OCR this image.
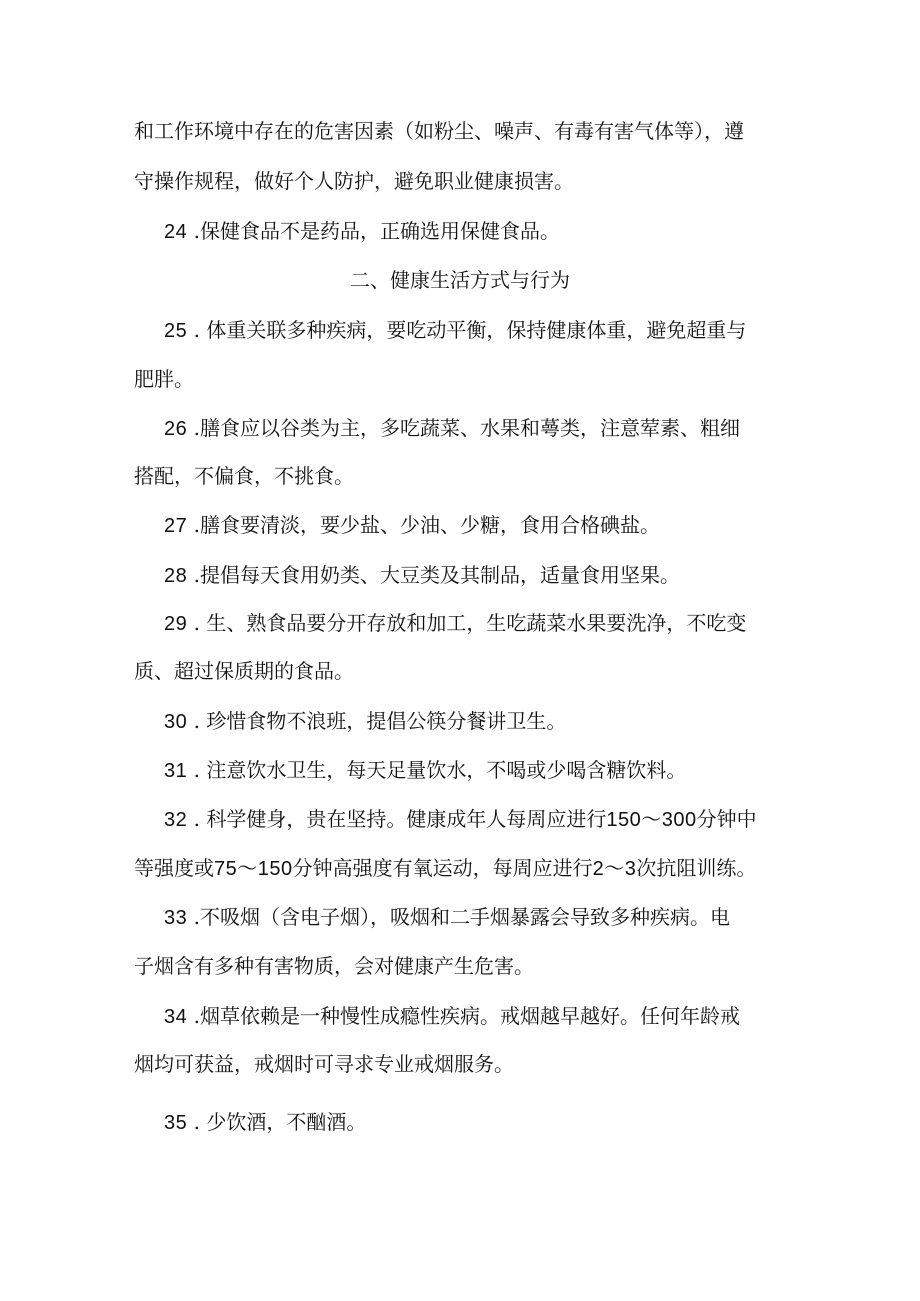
和工作环境中存在的危害因素（如粉尘、噪声、有毒有害气体等），遵
守操作规程，做好个人防护，避免职业健康损害。
24 .保健食品不是药品，正确选用保健食品。
二、健康生活方式与行为
25 . 体重关联多种疾病，要吃动平衡，保持健康体重，避免超重与
肥胖。
26 .膳食应以谷类为主，多吃蔬菜、水果和蕚类，注意荤素、粗细
搭配，不偏食，不挑食。
27 .膳食要清淡，要少盐、少油、少糖，食用合格碘盐。
28 .提倡每天食用奶类、大豆类及其制品，适量食用坚果。
29 . 生、熟食品要分开存放和加工，生吃蔬菜水果要洗净，不吃变
质、超过保质期的食品。
30 . 珍惜食物不浪班，提倡公筷分餐讲卫生。
31 . 注意饮水卫生，每天足量饮水，不喝或少喝含糖饮料。
32 . 科学健身，贵在坚持。健康成年人每周应进行150～300分钟中
等强度或75～150分钟高强度有氧运动，每周应进行2～3次抗阻训练。
33 .不吸烟（含电子烟），吸烟和二手烟暴露会导致多种疾病。电
子烟含有多种有害物质，会对健康产生危害。
34 .烟草依赖是一种慢性成瘾性疾病。戒烟越早越好。任何年龄戒
烟均可获益，戒烟时可寻求专业戒烟服务。
35 . 少饮酒，不酗酒。
